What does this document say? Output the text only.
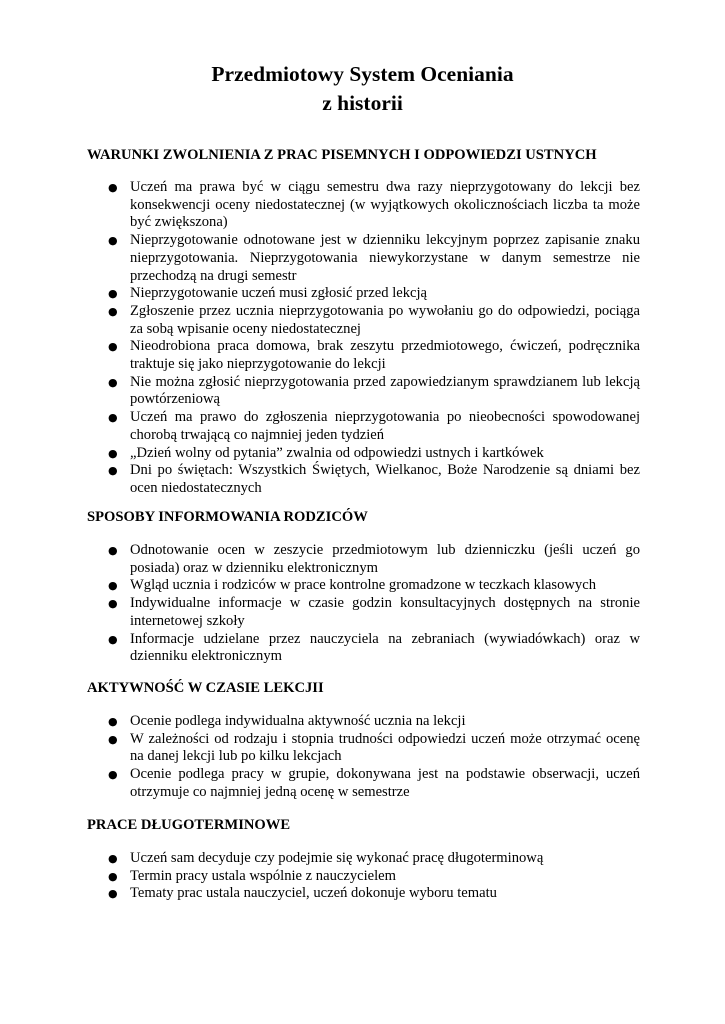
Przedmiotowy System Oceniania
z historii
WARUNKI ZWOLNIENIA Z PRAC PISEMNYCH I ODPOWIEDZI USTNYCH
● Uczeń ma prawa być w ciągu semestru dwa razy nieprzygotowany do lekcji bez konsekwencji oceny niedostatecznej (w wyjątkowych okolicznościach liczba ta może być zwiększona)
● Nieprzygotowanie odnotowane jest w dzienniku lekcyjnym poprzez zapisanie znaku nieprzygotowania. Nieprzygotowania niewykorzystane w danym semestrze nie przechodzą na drugi semestr
● Nieprzygotowanie uczeń musi zgłosić przed lekcją
● Zgłoszenie przez ucznia nieprzygotowania po wywołaniu go do odpowiedzi, pociąga za sobą wpisanie oceny niedostatecznej
● Nieodrobiona praca domowa, brak zeszytu przedmiotowego, ćwiczeń, podręcznika traktuje się jako nieprzygotowanie do lekcji
● Nie można zgłosić nieprzygotowania przed zapowiedzianym sprawdzianem lub lekcją powtórzeniową
● Uczeń ma prawo do zgłoszenia nieprzygotowania po nieobecności spowodowanej chorobą trwającą co najmniej jeden tydzień
● „Dzień wolny od pytania” zwalnia od odpowiedzi ustnych i kartkówek
● Dni po świętach: Wszystkich Świętych, Wielkanoc, Boże Narodzenie są dniami bez ocen niedostatecznych
SPOSOBY INFORMOWANIA RODZICÓW
● Odnotowanie ocen w zeszycie przedmiotowym lub dzienniczku (jeśli uczeń go posiada) oraz w dzienniku elektronicznym
● Wgląd ucznia i rodziców w prace kontrolne gromadzone w teczkach klasowych
● Indywidualne informacje w czasie godzin konsultacyjnych dostępnych na stronie internetowej szkoły
● Informacje udzielane przez nauczyciela na zebraniach (wywiadówkach) oraz w dzienniku elektronicznym
AKTYWNOŚĆ W CZASIE LEKCJII
● Ocenie podlega indywidualna aktywność ucznia na lekcji
● W zależności od rodzaju i stopnia trudności odpowiedzi uczeń może otrzymać ocenę na danej lekcji lub po kilku lekcjach
● Ocenie podlega pracy w grupie, dokonywana jest na podstawie obserwacji, uczeń otrzymuje co najmniej jedną ocenę w semestrze
PRACE DŁUGOTERMINOWE
● Uczeń sam decyduje czy podejmie się wykonać pracę długoterminową
● Termin pracy ustala wspólnie z nauczycielem
● Tematy prac ustala nauczyciel, uczeń dokonuje wyboru tematu
